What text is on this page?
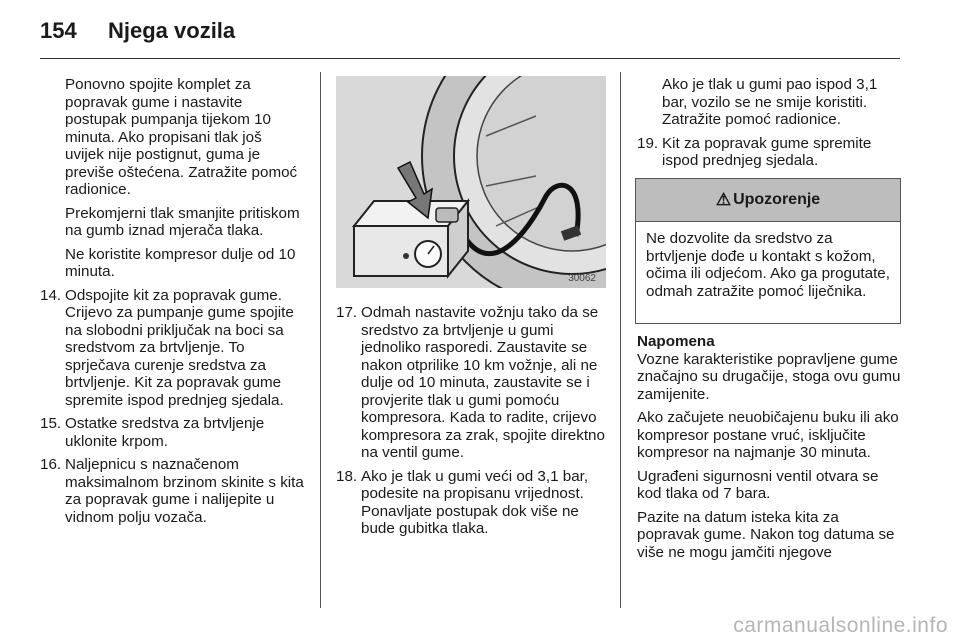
154 Njega vozila

Ponovno spojite komplet za popravak gume i nastavite postupak pumpanja tijekom 10 minuta. Ako propisani tlak još uvijek nije postignut, guma je previše oštećena. Zatražite pomoć radionice.

Prekomjerni tlak smanjite pritiskom na gumb iznad mjerača tlaka.

Ne koristite kompresor dulje od 10 minuta.

14. Odspojite kit za popravak gume. Crijevo za pumpanje gume spojite na slobodni priključak na boci sa sredstvom za brtvljenje. To sprječava curenje sredstva za brtvljenje. Kit za popravak gume spremite ispod prednjeg sjedala.
15. Ostatke sredstva za brtvljenje uklonite krpom.
16. Naljepnicu s naznačenom maksimalnom brzinom skinite s kita za popravak gume i nalijepite u vidnom polju vozača.
30062
17. Odmah nastavite vožnju tako da se sredstvo za brtvljenje u gumi jednoliko rasporedi. Zaustavite se nakon otprilike 10 km vožnje, ali ne dulje od 10 minuta, zaustavite se i provjerite tlak u gumi pomoću kompresora. Kada to radite, crijevo kompresora za zrak, spojite direktno na ventil gume.
18. Ako je tlak u gumi veći od 3,1 bar, podesite na propisanu vrijednost. Ponavljate postupak dok više ne bude gubitka tlaka.

Ako je tlak u gumi pao ispod 3,1 bar, vozilo se ne smije koristiti. Zatražite pomoć radionice.

19. Kit za popravak gume spremite ispod prednjeg sjedala.
⚠ Upozorenje
Ne dozvolite da sredstvo za brtvljenje dođe u kontakt s kožom, očima ili odjećom. Ako ga progutate, odmah zatražite pomoć liječnika.
Napomena

Vozne karakteristike popravljene gume značajno su drugačije, stoga ovu gumu zamijenite.

Ako začujete neuobičajenu buku ili ako kompresor postane vruć, isključite kompresor na najmanje 30 minuta.

Ugrađeni sigurnosni ventil otvara se kod tlaka od 7 bara.

Pazite na datum isteka kita za popravak gume. Nakon tog datuma se više ne mogu jamčiti njegove

carmanualsonline.info
